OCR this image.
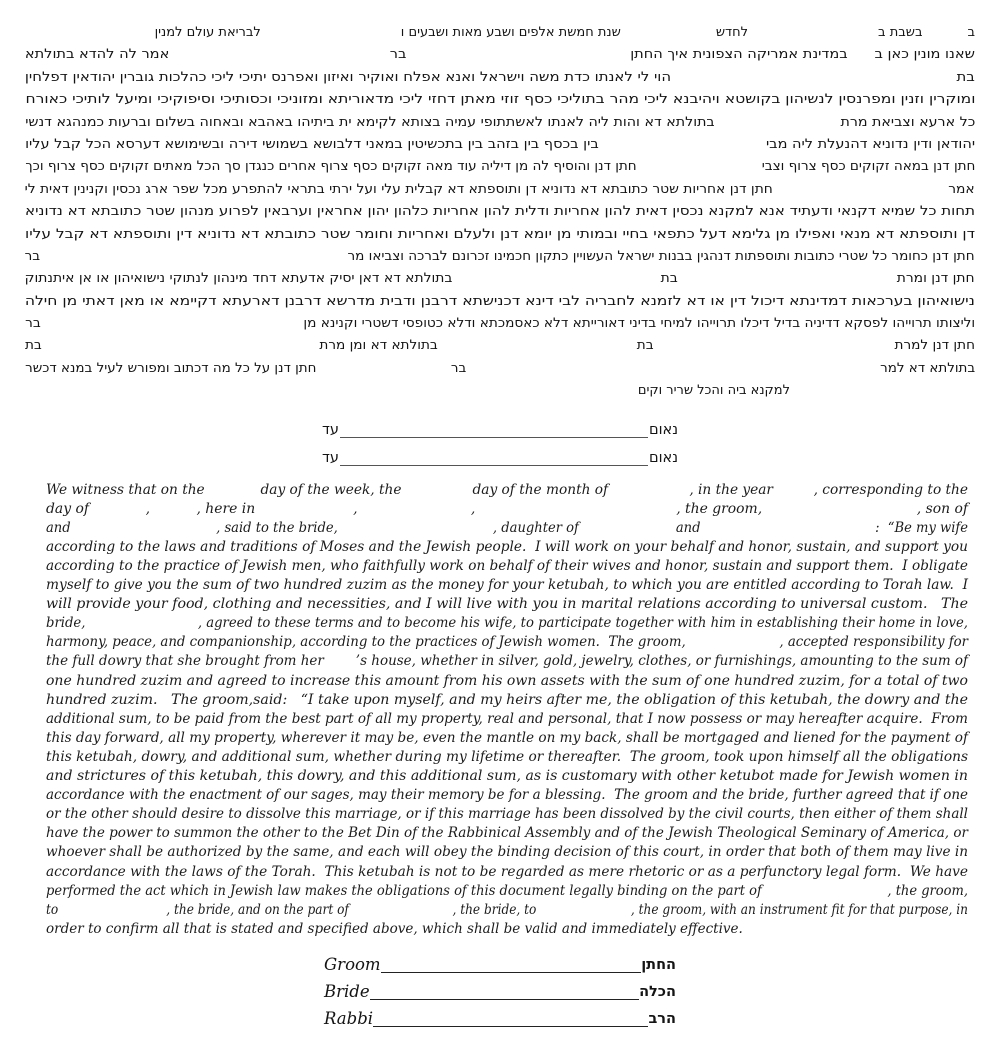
בבשבת בלחדששנת חמשת אלפים ושבע מאות ושבעים ולבריאת עולם למנין
שאנו מונין כאן בבמדינת אמריקה הצפונית איך החתןבראמר לה להדא בתולתא
בתהוי לי לאנתו כדת משה וישראל ואנא אפלח ואוקיר ואיזון ואפרנס יתיכי ליכי כהלכות גוברין יהודאין דפלחין
ומוקרין וזנין ומפרנסין לנשיהון בקושטא ויהיבנא ליכי מהר בתוליכי כסף זוזי מאתן דחזי ליכי מדאוריתא ומזוניכי וכסותיכי וסיפוקיכי ומיעל לותיכי כאורח
כל ארעא וצביאת מרתבתולתא דא והות ליה לאנתו לאשתתופי עמיה בצותא לקימא ית ביתיהו באהבא ובאחוה בשלום וברעות כמנהגא דנשי
יהודאן ודין נדוניא דהנעלת ליה מביבין בכסף בין בזהב בין בתכשיטין במאני דלבושא בשמושי דירה ובשימושא דערסא הכל קבל עליו
חתן דנן במאה זקוקים כסף צרוף וצביחתן דנן והוסיף לה מן דיליה עוד מאה זקוקים כסף צרוף אחרים כנגדן סך הכל מאתים זקוקים כסף צרוף וכך
אמרחתן דנן אחריות שטר כתובתא דא נדוניא דן ותוספתא דא קבלית עלי ועל ירתי בתראי להתפרע מכל שפר ארג נכסין וקנינין דאית לי
תחות כל שמיא דקנאי ודעתיד אנא למקנא נכסין דאית להון אחריות ודלית להון אחריות כלהון יהון אחראין וערבאין לפרוע מנהון שטר כתובתא דא נדוניא
דן ותוספתא דא מנאי ואפילו מן גלימא דעל כתפאי בחיי ובמותי מן יומא דנן ולעלם ואחריות וחומר שטר כתובתא דא נדוניא דין ותוספתא דא קבל עליו
חתן דנן כחומר כל שטרי כתובות ותוספתות דנהגין בבנות ישראל העשויין כתקון חכמינו זכרונם לברכה וצביאו מרבר
חתן דנן ומרתבתבתולתא דא דאן יסיק אדעתא דחד מינהון לנתוקי נישואיהון או אן איתנתוק
נישואיהון בערכאות דמדינתא דיכול דין או דא לזמנא לחבריה לבי דינא דכנישתא דרבנן ודבית מדרשא דרבנן דארעתא דקיימא או מאן דאתי מן חילה
וליצותו תרוייהו לפסקא דדיניה בדיל דיכלו תרוייהו למיחי בדיני דאורייתא דלא כאסמכתא ודלא כטופסי דשטרי וקנינא מןבר
חתן דנן למרתבתבתולתא דא ומן מרתבת
בתולתא דא למרברחתן דנן על כל מה דכתוב ומפורש לעיל במנא דכשר
למקנא ביה והכל שריר וקים
עד	נאום
עד	נאום
We witness that on the	day of the week, the	day of the month of	, in the year	, corresponding to the
day of	,	, here in	,	,	, the groom,	, son of
and	, said to the bride,	, daughter of	and	:  “Be my wife
according to the laws and traditions of Moses and the Jewish people.  I will work on your behalf and honor, sustain, and support you
according to the practice of Jewish men, who faithfully work on behalf of their wives and honor, sustain and support them.  I obligate
myself to give you the sum of two hundred zuzim as the money for your ketubah, to which you are entitled according to Torah law.  I
will provide your food, clothing and necessities, and I will live with you in marital relations according to universal custom.   The
bride,	, agreed to these terms and to become his wife, to participate together with him in establishing their home in love,
harmony, peace, and companionship, according to the practices of Jewish women.  The groom,	, accepted responsibility for
the full dowry that she brought from her ’s house, whether in silver, gold, jewelry, clothes, or furnishings, amounting to the sum of
one hundred zuzim and agreed to increase this amount from his own assets with the sum of one hundred zuzim, for a total of two
hundred zuzim.   The groom,said:   “I take upon myself, and my heirs after me, the obligation of this ketubah, the dowry and the
additional sum, to be paid from the best part of all my property, real and personal, that I now possess or may hereafter acquire.  From
this day forward, all my property, wherever it may be, even the mantle on my back, shall be mortgaged and liened for the payment of
this ketubah, dowry, and additional sum, whether during my lifetime or thereafter.  The groom, took upon himself all the obligations
and strictures of this ketubah, this dowry, and this additional sum, as is customary with other ketubot made for Jewish women in
accordance with the enactment of our sages, may their memory be for a blessing.  The groom and the bride, further agreed that if one
or the other should desire to dissolve this marriage, or if this marriage has been dissolved by the civil courts, then either of them shall
have the power to summon the other to the Bet Din of the Rabbinical Assembly and of the Jewish Theological Seminary of America, or
whoever shall be authorized by the same, and each will obey the binding decision of this court, in order that both of them may live in
accordance with the laws of the Torah.  This ketubah is not to be regarded as mere rhetoric or as a perfunctory legal form.  We have
performed the act which in Jewish law makes the obligations of this document legally binding on the part of	, the groom,
to	, the bride, and on the part of	, the bride, to	, the groom, with an instrument fit for that purpose, in
order to confirm all that is stated and specified above, which shall be valid and immediately effective.
Groom	החתן
Bride	הכלה
Rabbi	הרב
